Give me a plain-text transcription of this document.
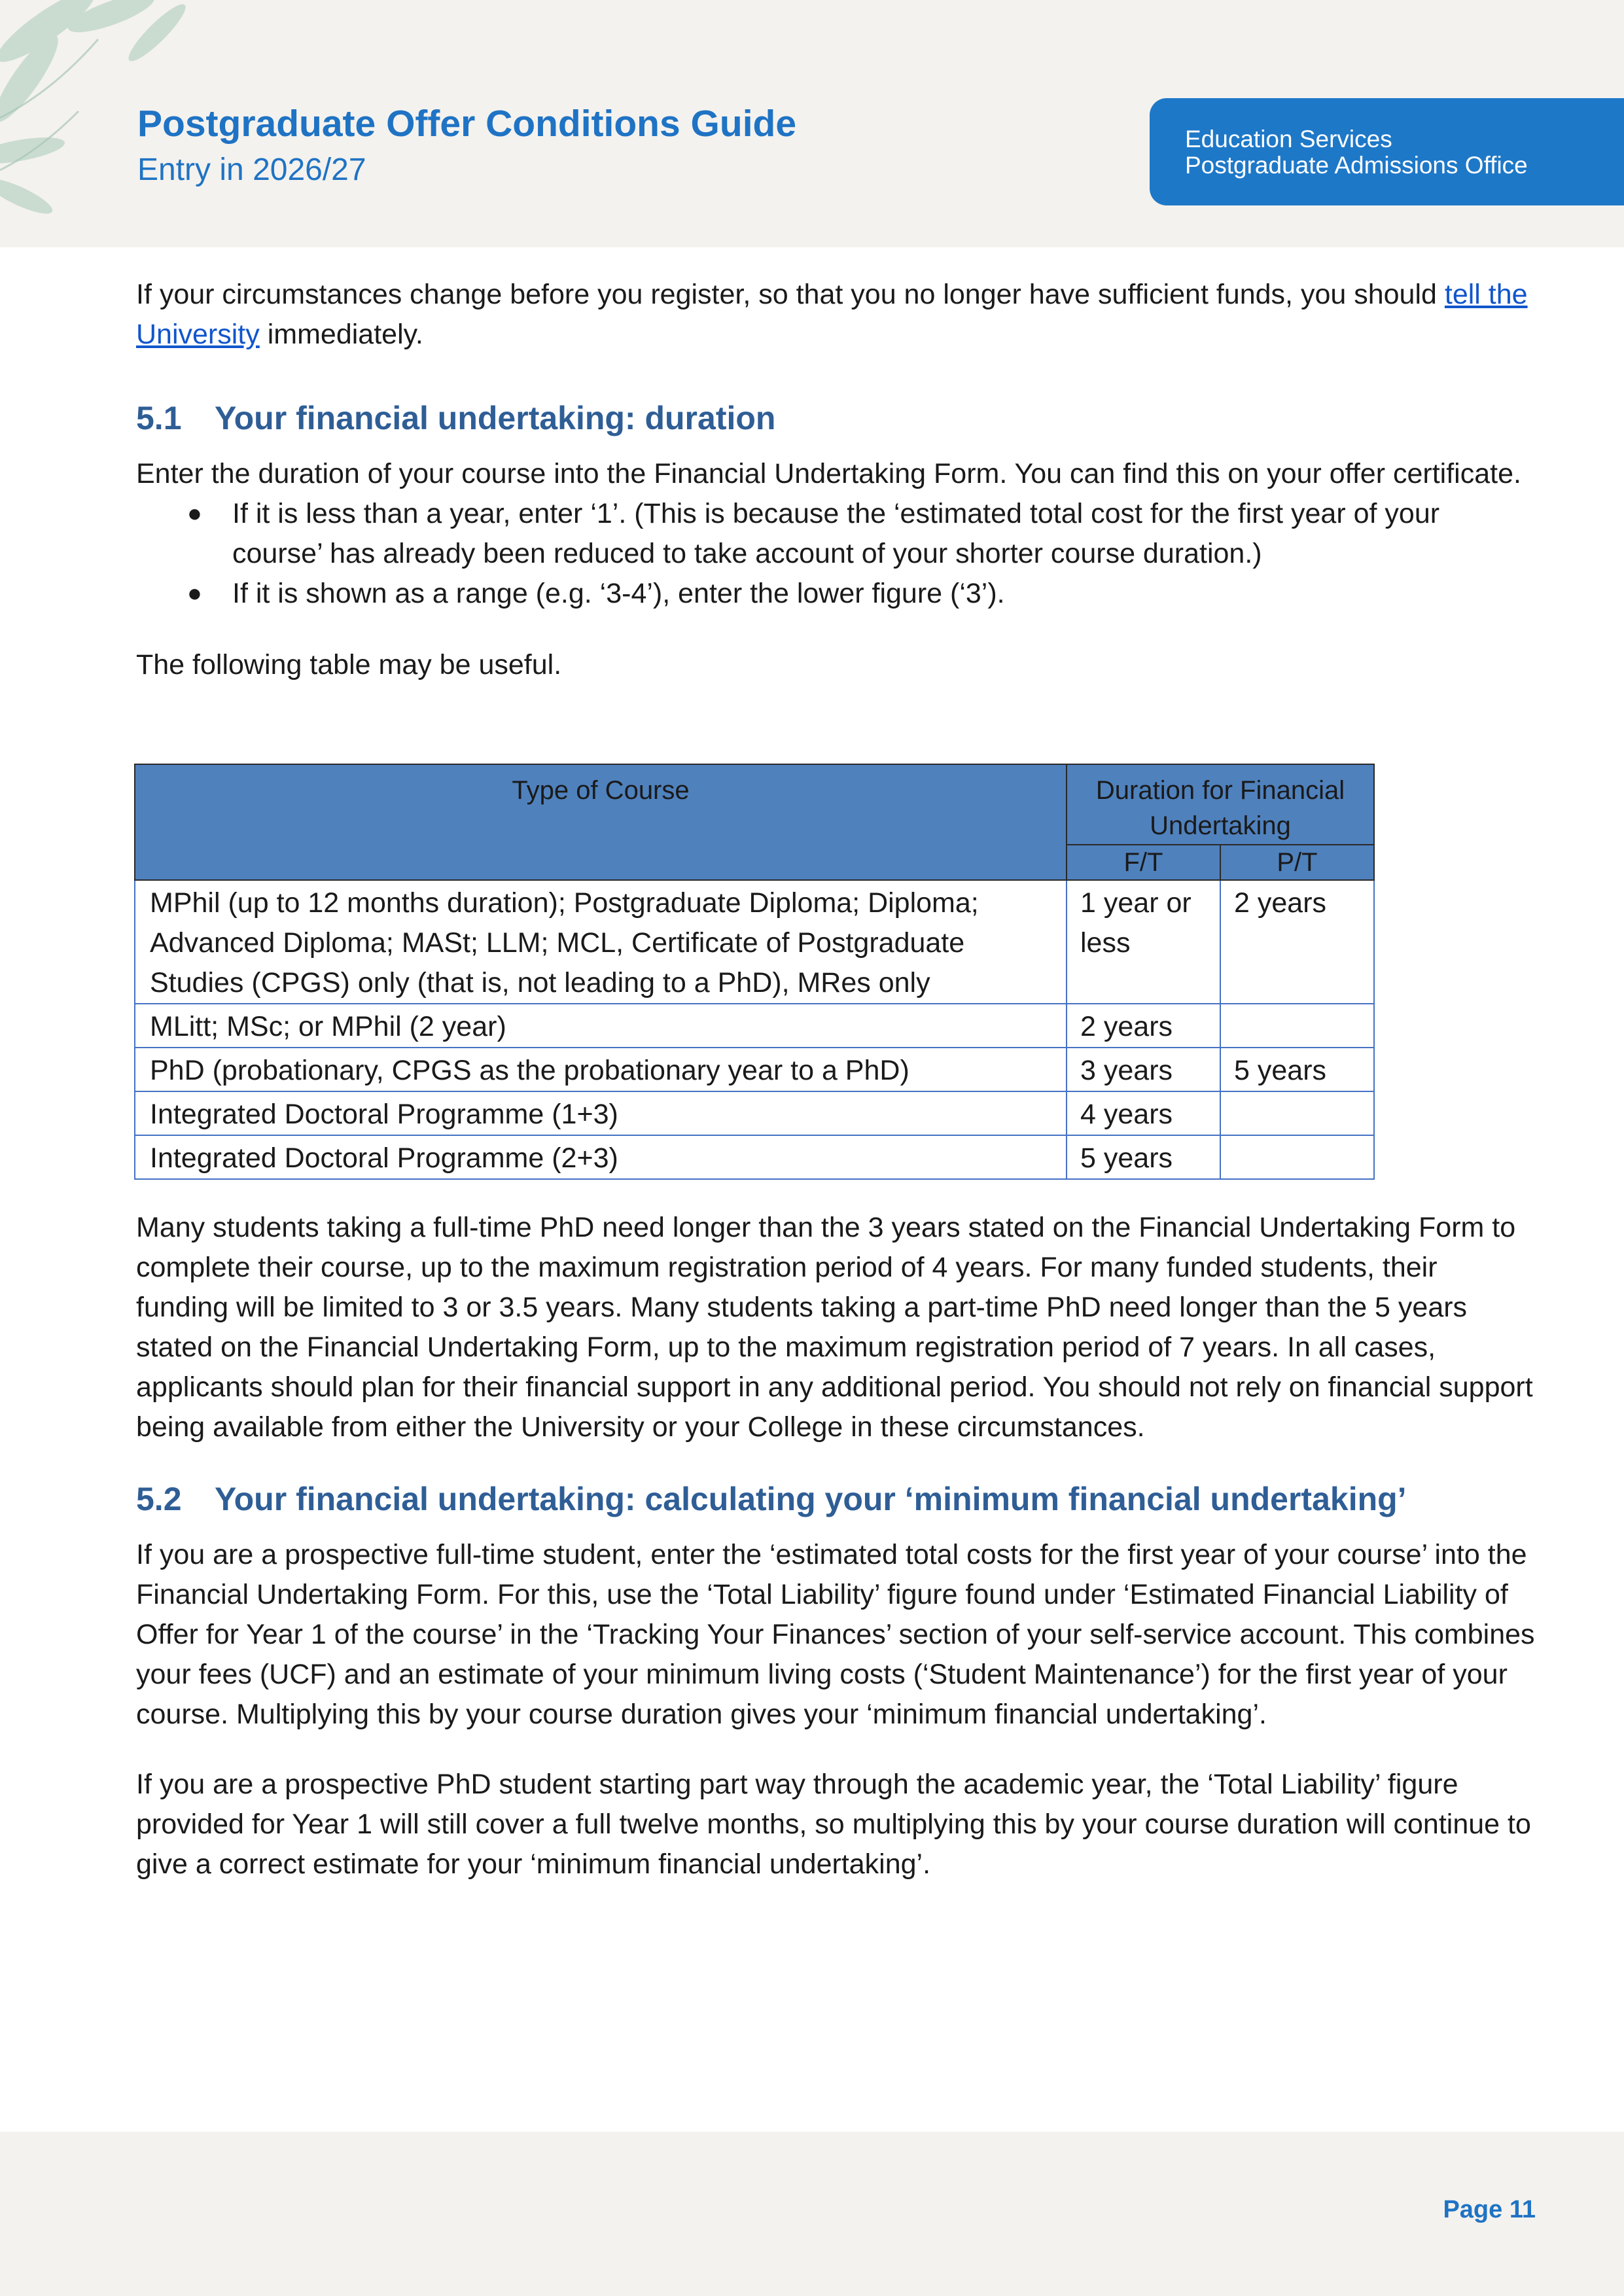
Postgraduate Offer Conditions Guide
Entry in 2026/27
Education Services
Postgraduate Admissions Office

If your circumstances change before you register, so that you no longer have sufficient funds, you should tell the University immediately.

5.1 Your financial undertaking: duration

Enter the duration of your course into the Financial Undertaking Form. You can find this on your offer certificate.

● If it is less than a year, enter ‘1’. (This is because the ‘estimated total cost for the first year of your course’ has already been reduced to take account of your shorter course duration.)
● If it is shown as a range (e.g. ‘3-4’), enter the lower figure (‘3’).

The following table may be useful.

Type of Course	Duration for Financial Undertaking	
	F/T	P/T
MPhil (up to 12 months duration); Postgraduate Diploma; Diploma; Advanced Diploma; MASt; LLM; MCL, Certificate of Postgraduate Studies (CPGS) only (that is, not leading to a PhD), MRes only	1 year or less	2 years
MLitt; MSc; or MPhil (2 year)	2 years	
PhD (probationary, CPGS as the probationary year to a PhD)	3 years	5 years
Integrated Doctoral Programme (1+3)	4 years	
Integrated Doctoral Programme (2+3)	5 years	

Many students taking a full-time PhD need longer than the 3 years stated on the Financial Undertaking Form to complete their course, up to the maximum registration period of 4 years. For many funded students, their funding will be limited to 3 or 3.5 years. Many students taking a part-time PhD need longer than the 5 years stated on the Financial Undertaking Form, up to the maximum registration period of 7 years. In all cases, applicants should plan for their financial support in any additional period. You should not rely on financial support being available from either the University or your College in these circumstances.

5.2 Your financial undertaking: calculating your ‘minimum financial undertaking’

If you are a prospective full-time student, enter the ‘estimated total costs for the first year of your course’ into the Financial Undertaking Form. For this, use the ‘Total Liability’ figure found under ‘Estimated Financial Liability of Offer for Year 1 of the course’ in the ‘Tracking Your Finances’ section of your self-service account. This combines your fees (UCF) and an estimate of your minimum living costs (‘Student Maintenance’) for the first year of your course. Multiplying this by your course duration gives your ‘minimum financial undertaking’.

If you are a prospective PhD student starting part way through the academic year, the ‘Total Liability’ figure provided for Year 1 will still cover a full twelve months, so multiplying this by your course duration will continue to give a correct estimate for your ‘minimum financial undertaking’.

Page 11
